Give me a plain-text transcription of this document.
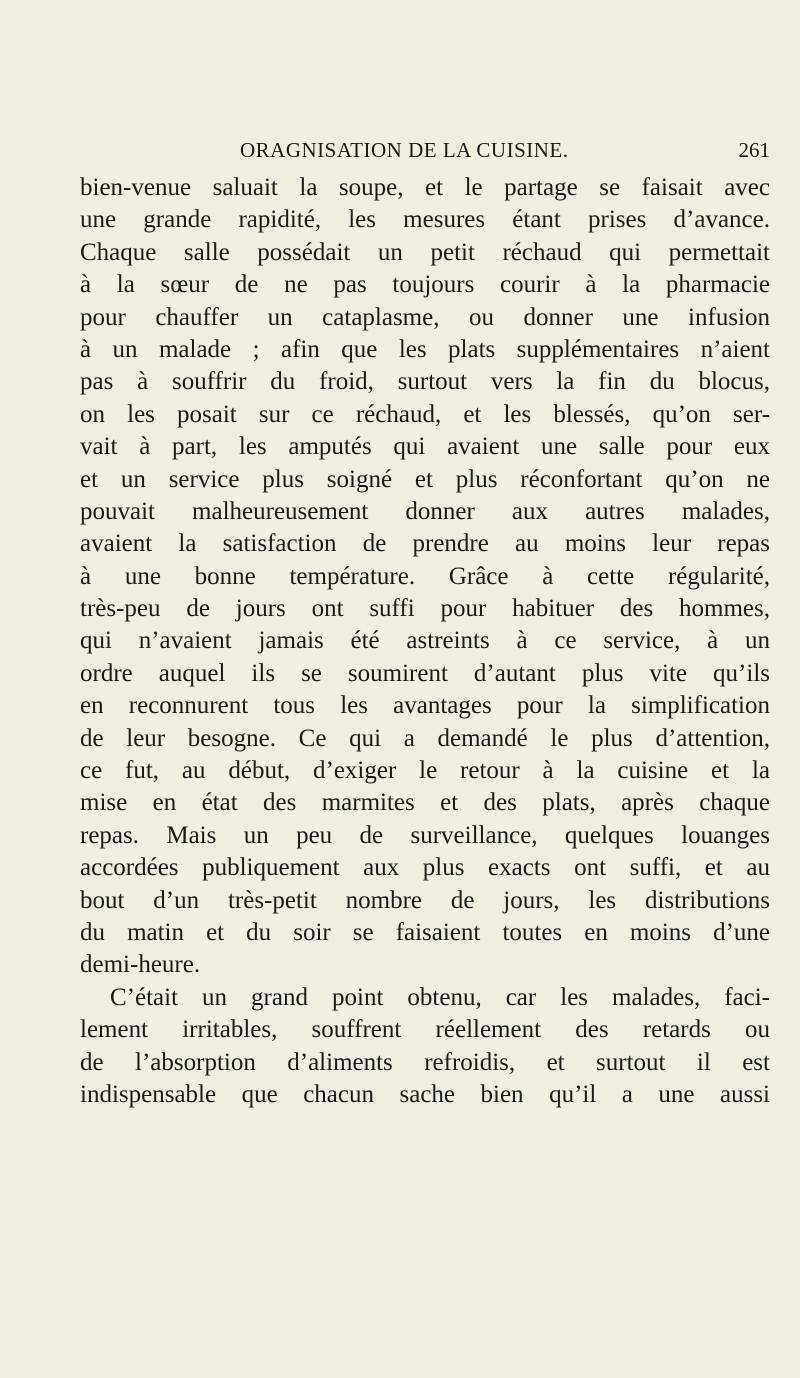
ORAGNISATION DE LA CUISINE.	261
bien-venue saluait la soupe, et le partage se faisait avec
une grande rapidité, les mesures étant prises d’avance.
Chaque salle possédait un petit réchaud qui permettait
à la sœur de ne pas toujours courir à la pharmacie
pour chauffer un cataplasme, ou donner une infusion
à un malade ; afin que les plats supplémentaires n’aient
pas à souffrir du froid, surtout vers la fin du blocus,
on les posait sur ce réchaud, et les blessés, qu’on ser-
vait à part, les amputés qui avaient une salle pour eux
et un service plus soigné et plus réconfortant qu’on ne
pouvait malheureusement donner aux autres malades,
avaient la satisfaction de prendre au moins leur repas
à une bonne température. Grâce à cette régularité,
très-peu de jours ont suffi pour habituer des hommes,
qui n’avaient jamais été astreints à ce service, à un
ordre auquel ils se soumirent d’autant plus vite qu’ils
en reconnurent tous les avantages pour la simplification
de leur besogne. Ce qui a demandé le plus d’attention,
ce fut, au début, d’exiger le retour à la cuisine et la
mise en état des marmites et des plats, après chaque
repas. Mais un peu de surveillance, quelques louanges
accordées publiquement aux plus exacts ont suffi, et au
bout d’un très-petit nombre de jours, les distributions
du matin et du soir se faisaient toutes en moins d’une
demi-heure.
C’était un grand point obtenu, car les malades, faci-
lement irritables, souffrent réellement des retards ou
de l’absorption d’aliments refroidis, et surtout il est
indispensable que chacun sache bien qu’il a une aussi
